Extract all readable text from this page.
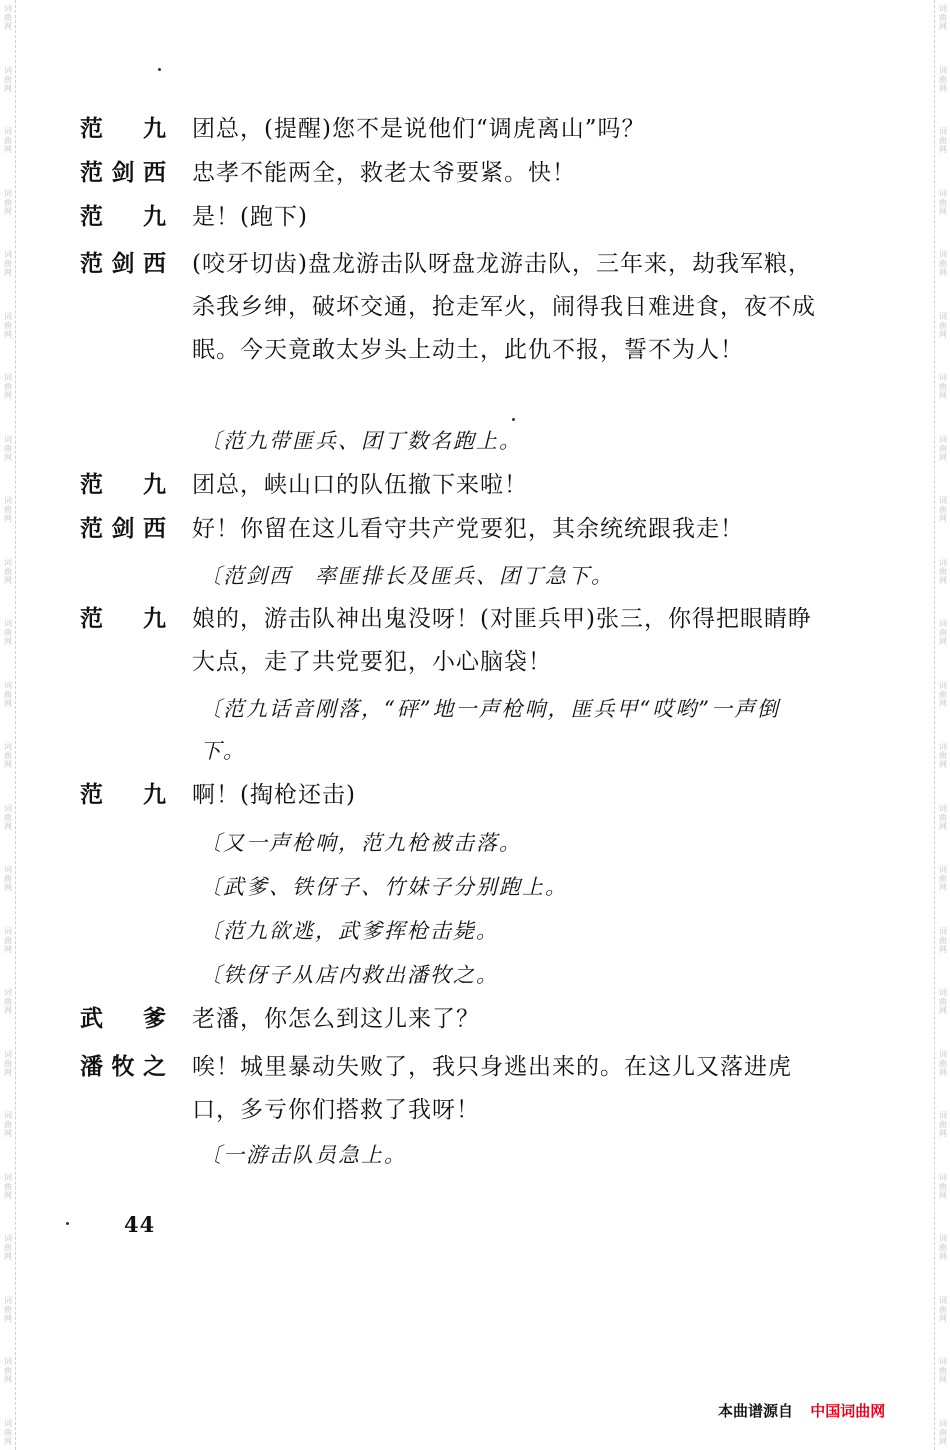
词曲网
词曲网
词曲网
词曲网
词曲网
词曲网
词曲网
词曲网
词曲网
词曲网
词曲网
词曲网
词曲网
词曲网
词曲网
词曲网
词曲网
词曲网
词曲网
词曲网
词曲网
词曲网
词曲网
词曲网
词曲网
词曲网
词曲网
词曲网
词曲网
词曲网
词曲网
词曲网
词曲网
词曲网
词曲网
词曲网
词曲网
词曲网
词曲网
词曲网
词曲网
词曲网
词曲网
词曲网
词曲网
词曲网
词曲网
词曲网
范九 团总，(提醒)您不是说他们“调虎离山”吗？
范剑西 忠孝不能两全，救老太爷要紧。快！
范九 是！(跑下)
范剑西 (咬牙切齿)盘龙游击队呀盘龙游击队，三年来，劫我军粮，杀我乡绅，破坏交通，抢走军火，闹得我日难进食，夜不成眠。今天竟敢太岁头上动土，此仇不报，誓不为人！
〔范九带匪兵、团丁数名跑上。
范九 团总，峡山口的队伍撤下来啦！
范剑西 好！你留在这儿看守共产党要犯，其余统统跟我走！
〔范剑西　率匪排长及匪兵、团丁急下。
范九 娘的，游击队神出鬼没呀！(对匪兵甲)张三，你得把眼睛睁大点，走了共党要犯，小心脑袋！
〔范九话音刚落，“砰”地一声枪响，匪兵甲“哎哟”一声倒下。
范九 啊！(掏枪还击)
〔又一声枪响，范九枪被击落。
〔武爹、铁伢子、竹妹子分别跑上。
〔范九欲逃，武爹挥枪击毙。
〔铁伢子从店内救出潘牧之。
武爹 老潘，你怎么到这儿来了？
潘牧之 唉！城里暴动失败了，我只身逃出来的。在这儿又落进虎口，多亏你们搭救了我呀！
〔一游击队员急上。
44
本曲谱源自 中国词曲网
